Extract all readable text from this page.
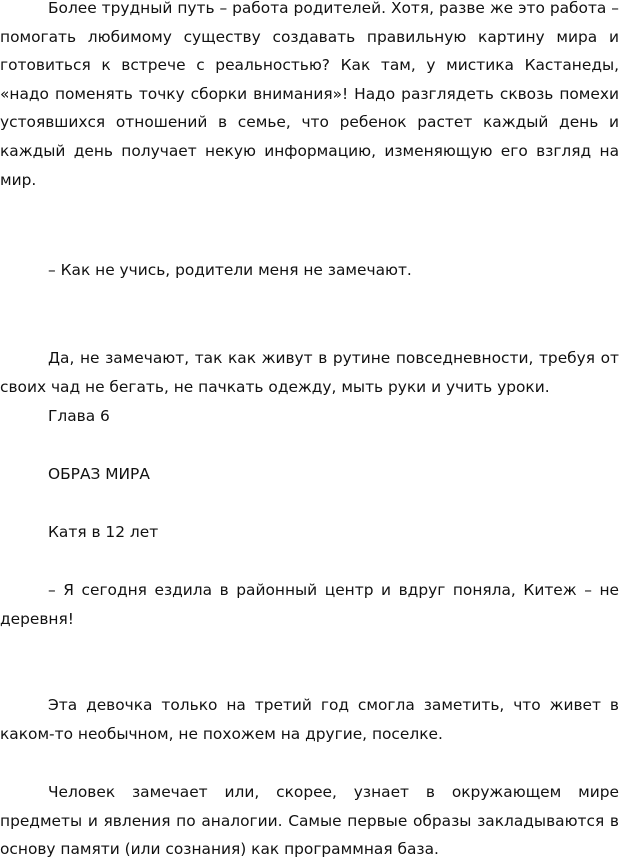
Более трудный путь – работа родителей. Хотя, разве же это работа – помогать любимому существу создавать правильную картину мира и готовиться к встрече с реальностью? Как там, у мистика Кастанеды, «надо поменять точку сборки внимания»! Надо разглядеть сквозь помехи устоявшихся отношений в семье, что ребенок растет каждый день и каждый день получает некую информацию, изменяющую его взгляд на мир.

– Как не учись, родители меня не замечают.

Да, не замечают, так как живут в рутине повседневности, требуя от своих чад не бегать, не пачкать одежду, мыть руки и учить уроки.

Глава 6

ОБРАЗ МИРА

Катя в 12 лет

– Я сегодня ездила в районный центр и вдруг поняла, Китеж – не деревня!

Эта девочка только на третий год смогла заметить, что живет в каком-то необычном, не похожем на другие, поселке.

Человек замечает или, скорее, узнает в окружающем мире предметы и явления по аналогии. Самые первые образы закладываются в основу памяти (или сознания) как программная база.
